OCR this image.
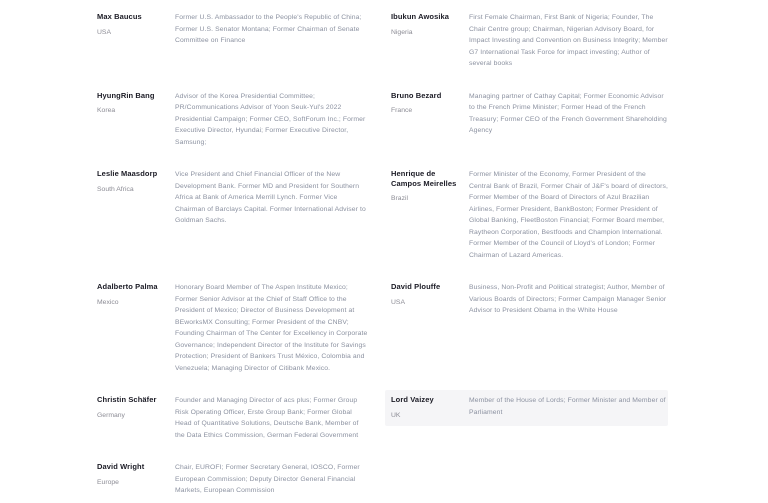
Max Baucus
USA
Former U.S. Ambassador to the People's Republic of China; Former U.S. Senator Montana; Former Chairman of Senate Committee on Finance
Ibukun Awosika
Nigeria
First Female Chairman, First Bank of Nigeria; Founder, The Chair Centre group; Chairman, Nigerian Advisory Board, for Impact Investing and Convention on Business Integrity; Member G7 International Task Force for impact investing; Author of several books
HyungRin Bang
Korea
Advisor of the Korea Presidential Committee; PR/Communications Advisor of Yoon Seuk-Yul's 2022 Presidential Campaign; Former CEO, SoftForum Inc.; Former Executive Director, Hyundai; Former Executive Director, Samsung;
Bruno Bezard
France
Managing partner of Cathay Capital; Former Economic Advisor to the French Prime Minister; Former Head of the French Treasury; Former CEO of the French Government Shareholding Agency
Leslie Maasdorp
South Africa
Vice President and Chief Financial Officer of the New Development Bank. Former MD and President for Southern Africa at Bank of America Merrill Lynch. Former Vice Chairman of Barclays Capital. Former International Adviser to Goldman Sachs.
Henrique de Campos Meirelles
Brazil
Former Minister of the Economy, Former President of the Central Bank of Brazil, Former Chair of J&F's board of directors, Former Member of the Board of Directors of Azul Brazilian Airlines, Former President, BankBoston; Former President of Global Banking, FleetBoston Financial; Former Board member, Raytheon Corporation, Bestfoods and Champion International. Former Member of the Council of Lloyd's of London; Former Chairman of Lazard Americas.
Adalberto Palma
Mexico
Honorary Board Member of The Aspen Institute Mexico; Former Senior Advisor at the Chief of Staff Office to the President of Mexico; Director of Business Development at BEworksMX Consulting; Former President of the CNBV; Founding Chairman of The Center for Excellency in Corporate Governance; Independent Director of the Institute for Savings Protection; President of Bankers Trust México, Colombia and Venezuela; Managing Director of Citibank Mexico.
David Plouffe
USA
Business, Non-Profit and Political strategist; Author, Member of Various Boards of Directors; Former Campaign Manager Senior Advisor to President Obama in the White House
Christin Schäfer
Germany
Founder and Managing Director of acs plus; Former Group Risk Operating Officer, Erste Group Bank; Former Global Head of Quantitative Solutions, Deutsche Bank, Member of the Data Ethics Commission, German Federal Government
Lord Vaizey
UK
Member of the House of Lords; Former Minister and Member of Parliament
David Wright
Europe
Chair, EUROFI; Former Secretary General, IOSCO, Former European Commission; Deputy Director General Financial Markets, European Commission
